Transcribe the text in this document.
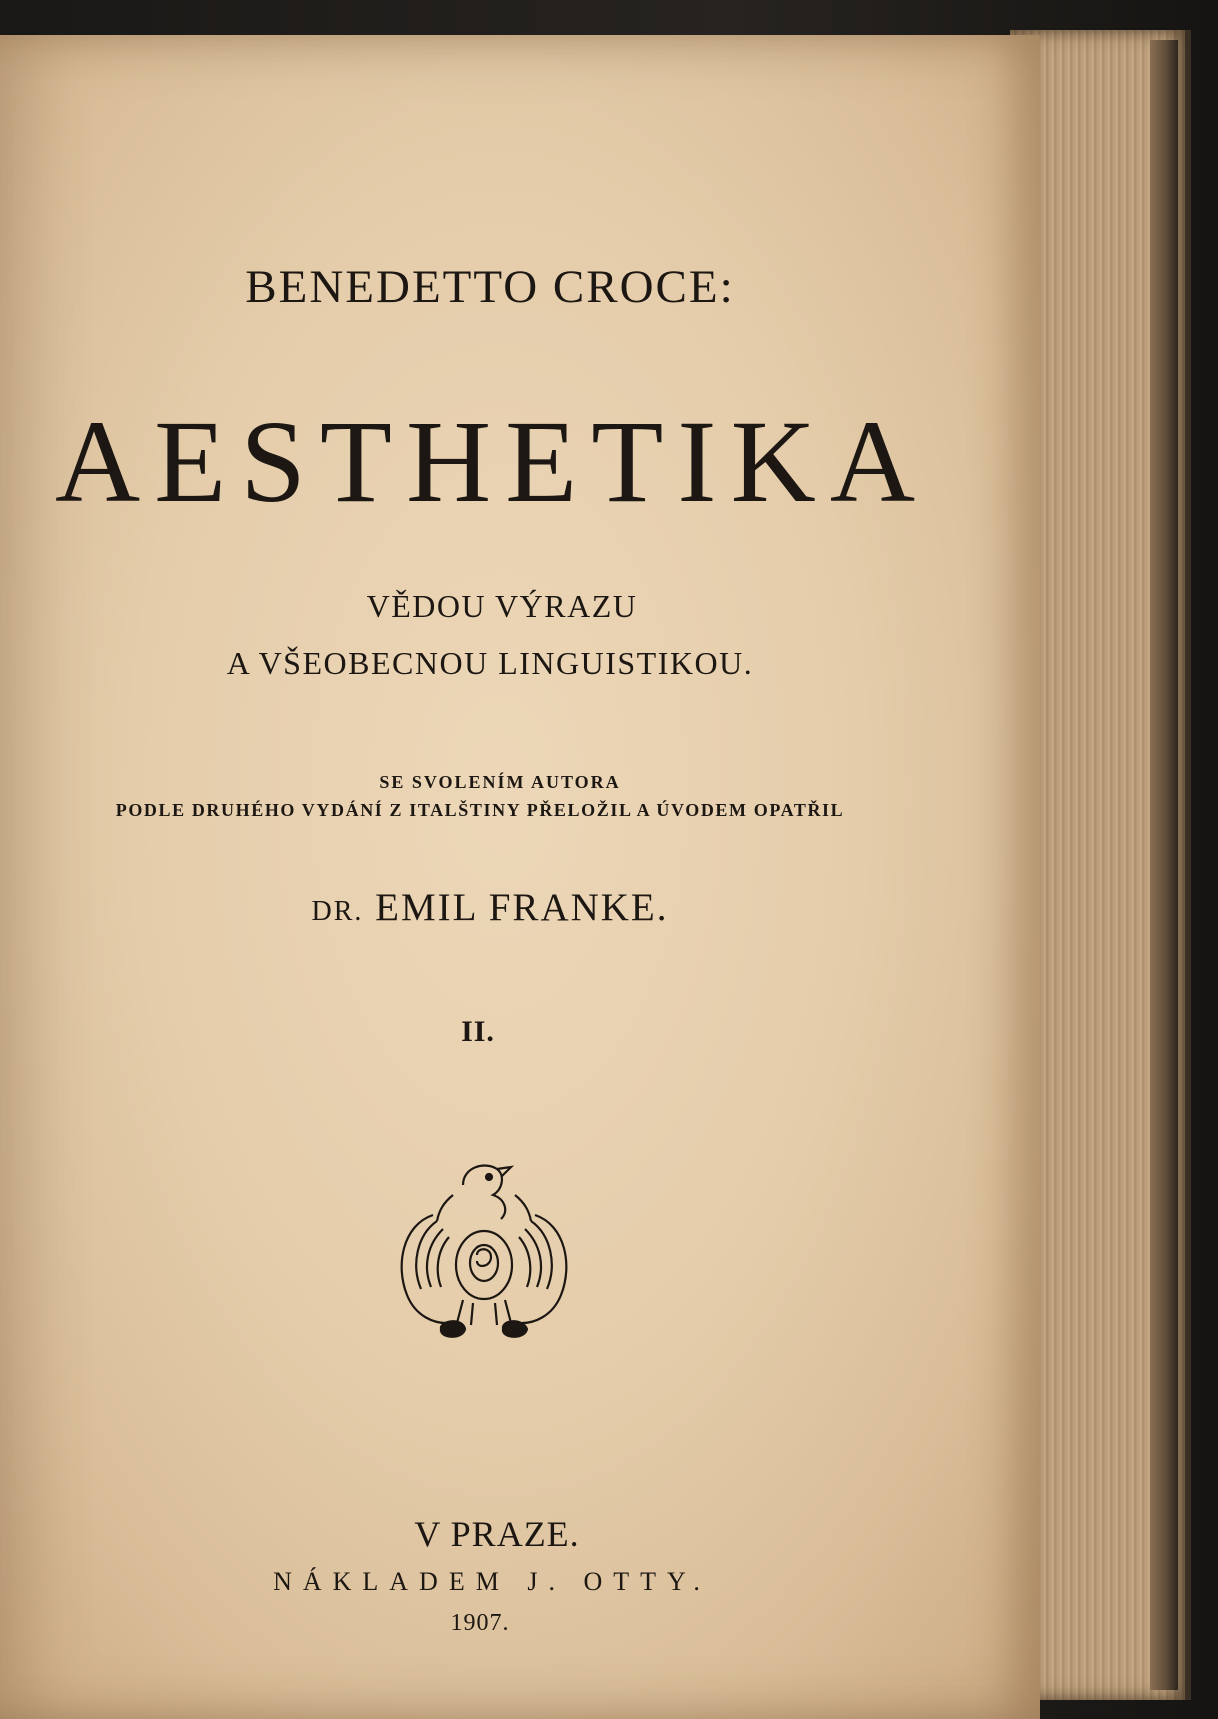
BENEDETTO CROCE:
AESTHETIKA
VĚDOU VÝRAZU
A VŠEOBECNOU LINGUISTIKOU.
SE SVOLENÍM AUTORA
PODLE DRUHÉHO VYDÁNÍ Z ITALŠTINY PŘELOŽIL A ÚVODEM OPATŘIL
DR. EMIL FRANKE.
II.
V PRAZE.
NÁKLADEM J. OTTY.
1907.
